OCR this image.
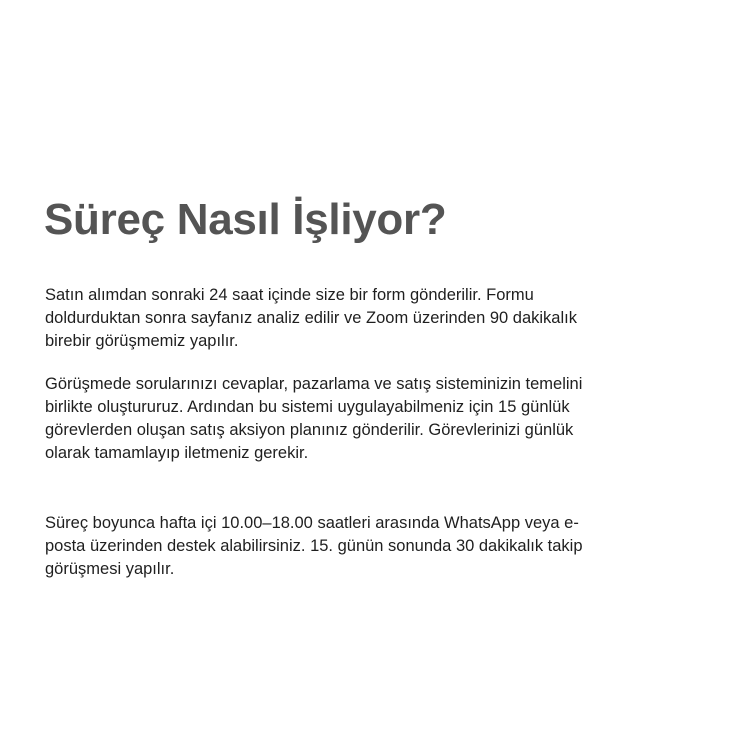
Süreç Nasıl İşliyor?

Satın alımdan sonraki 24 saat içinde size bir form gönderilir. Formu
doldurduktan sonra sayfanız analiz edilir ve Zoom üzerinden 90 dakikalık
birebir görüşmemiz yapılır.

Görüşmede sorularınızı cevaplar, pazarlama ve satış sisteminizin temelini
birlikte oluştururuz. Ardından bu sistemi uygulayabilmeniz için 15 günlük
görevlerden oluşan satış aksiyon planınız gönderilir. Görevlerinizi günlük
olarak tamamlayıp iletmeniz gerekir.

Süreç boyunca hafta içi 10.00–18.00 saatleri arasında WhatsApp veya e-
posta üzerinden destek alabilirsiniz. 15. günün sonunda 30 dakikalık takip
görüşmesi yapılır.
